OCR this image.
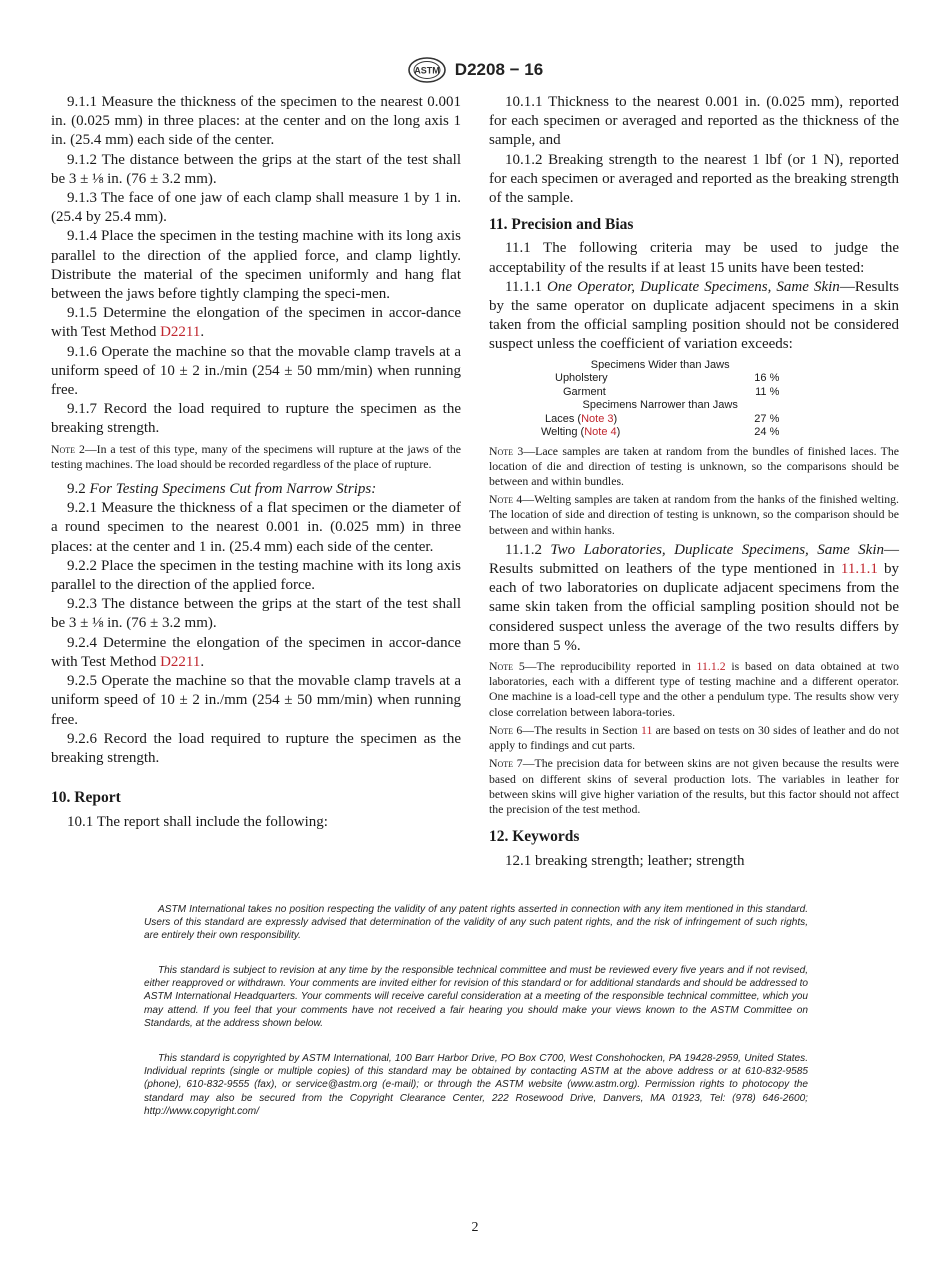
ASTM D2208 − 16

9.1.1 Measure the thickness of the specimen to the nearest 0.001 in. (0.025 mm) in three places: at the center and on the long axis 1 in. (25.4 mm) each side of the center.

9.1.2 The distance between the grips at the start of the test shall be 3 ± ⅛ in. (76 ± 3.2 mm).

9.1.3 The face of one jaw of each clamp shall measure 1 by 1 in. (25.4 by 25.4 mm).

9.1.4 Place the specimen in the testing machine with its long axis parallel to the direction of the applied force, and clamp lightly. Distribute the material of the specimen uniformly and hang flat between the jaws before tightly clamping the speci-men.

9.1.5 Determine the elongation of the specimen in accor-dance with Test Method D2211.

9.1.6 Operate the machine so that the movable clamp travels at a uniform speed of 10 ± 2 in./min (254 ± 50 mm/min) when running free.

9.1.7 Record the load required to rupture the specimen as the breaking strength.

Note 2—In a test of this type, many of the specimens will rupture at the jaws of the testing machines. The load should be recorded regardless of the place of rupture.

9.2 For Testing Specimens Cut from Narrow Strips:

9.2.1 Measure the thickness of a flat specimen or the diameter of a round specimen to the nearest 0.001 in. (0.025 mm) in three places: at the center and 1 in. (25.4 mm) each side of the center.

9.2.2 Place the specimen in the testing machine with its long axis parallel to the direction of the applied force.

9.2.3 The distance between the grips at the start of the test shall be 3 ± ⅛ in. (76 ± 3.2 mm).

9.2.4 Determine the elongation of the specimen in accor-dance with Test Method D2211.

9.2.5 Operate the machine so that the movable clamp travels at a uniform speed of 10 ± 2 in./mm (254 ± 50 mm/min) when running free.

9.2.6 Record the load required to rupture the specimen as the breaking strength.

10. Report

10.1 The report shall include the following:

10.1.1 Thickness to the nearest 0.001 in. (0.025 mm), reported for each specimen or averaged and reported as the thickness of the sample, and

10.1.2 Breaking strength to the nearest 1 lbf (or 1 N), reported for each specimen or averaged and reported as the breaking strength of the sample.

11. Precision and Bias

11.1 The following criteria may be used to judge the acceptability of the results if at least 15 units have been tested:

11.1.1 One Operator, Duplicate Specimens, Same Skin—Results by the same operator on duplicate adjacent specimens in a skin taken from the official sampling position should not be considered suspect unless the coefficient of variation exceeds:

Specimens Wider than Jaws	
Upholstery	16 %
Garment	11 %
Specimens Narrower than Jaws	
Laces (Note 3)	27 %
Welting (Note 4)	24 %

Note 3—Lace samples are taken at random from the bundles of finished laces. The location of die and direction of testing is unknown, so the comparisons should be between and within bundles.

Note 4—Welting samples are taken at random from the hanks of the finished welting. The location of side and direction of testing is unknown, so the comparison should be between and within hanks.

11.1.2 Two Laboratories, Duplicate Specimens, Same Skin—Results submitted on leathers of the type mentioned in 11.1.1 by each of two laboratories on duplicate adjacent specimens from the same skin taken from the official sampling position should not be considered suspect unless the average of the two results differs by more than 5 %.

Note 5—The reproducibility reported in 11.1.2 is based on data obtained at two laboratories, each with a different type of testing machine and a different operator. One machine is a load-cell type and the other a pendulum type. The results show very close correlation between labora-tories.

Note 6—The results in Section 11 are based on tests on 30 sides of leather and do not apply to findings and cut parts.

Note 7—The precision data for between skins are not given because the results were based on different skins of several production lots. The variables in leather for between skins will give higher variation of the results, but this factor should not affect the precision of the test method.

12. Keywords

12.1 breaking strength; leather; strength

ASTM International takes no position respecting the validity of any patent rights asserted in connection with any item mentioned in this standard. Users of this standard are expressly advised that determination of the validity of any such patent rights, and the risk of infringement of such rights, are entirely their own responsibility.

This standard is subject to revision at any time by the responsible technical committee and must be reviewed every five years and if not revised, either reapproved or withdrawn. Your comments are invited either for revision of this standard or for additional standards and should be addressed to ASTM International Headquarters. Your comments will receive careful consideration at a meeting of the responsible technical committee, which you may attend. If you feel that your comments have not received a fair hearing you should make your views known to the ASTM Committee on Standards, at the address shown below.

This standard is copyrighted by ASTM International, 100 Barr Harbor Drive, PO Box C700, West Conshohocken, PA 19428-2959, United States. Individual reprints (single or multiple copies) of this standard may be obtained by contacting ASTM at the above address or at 610-832-9585 (phone), 610-832-9555 (fax), or service@astm.org (e-mail); or through the ASTM website (www.astm.org). Permission rights to photocopy the standard may also be secured from the Copyright Clearance Center, 222 Rosewood Drive, Danvers, MA 01923, Tel: (978) 646-2600; http://www.copyright.com/

2
